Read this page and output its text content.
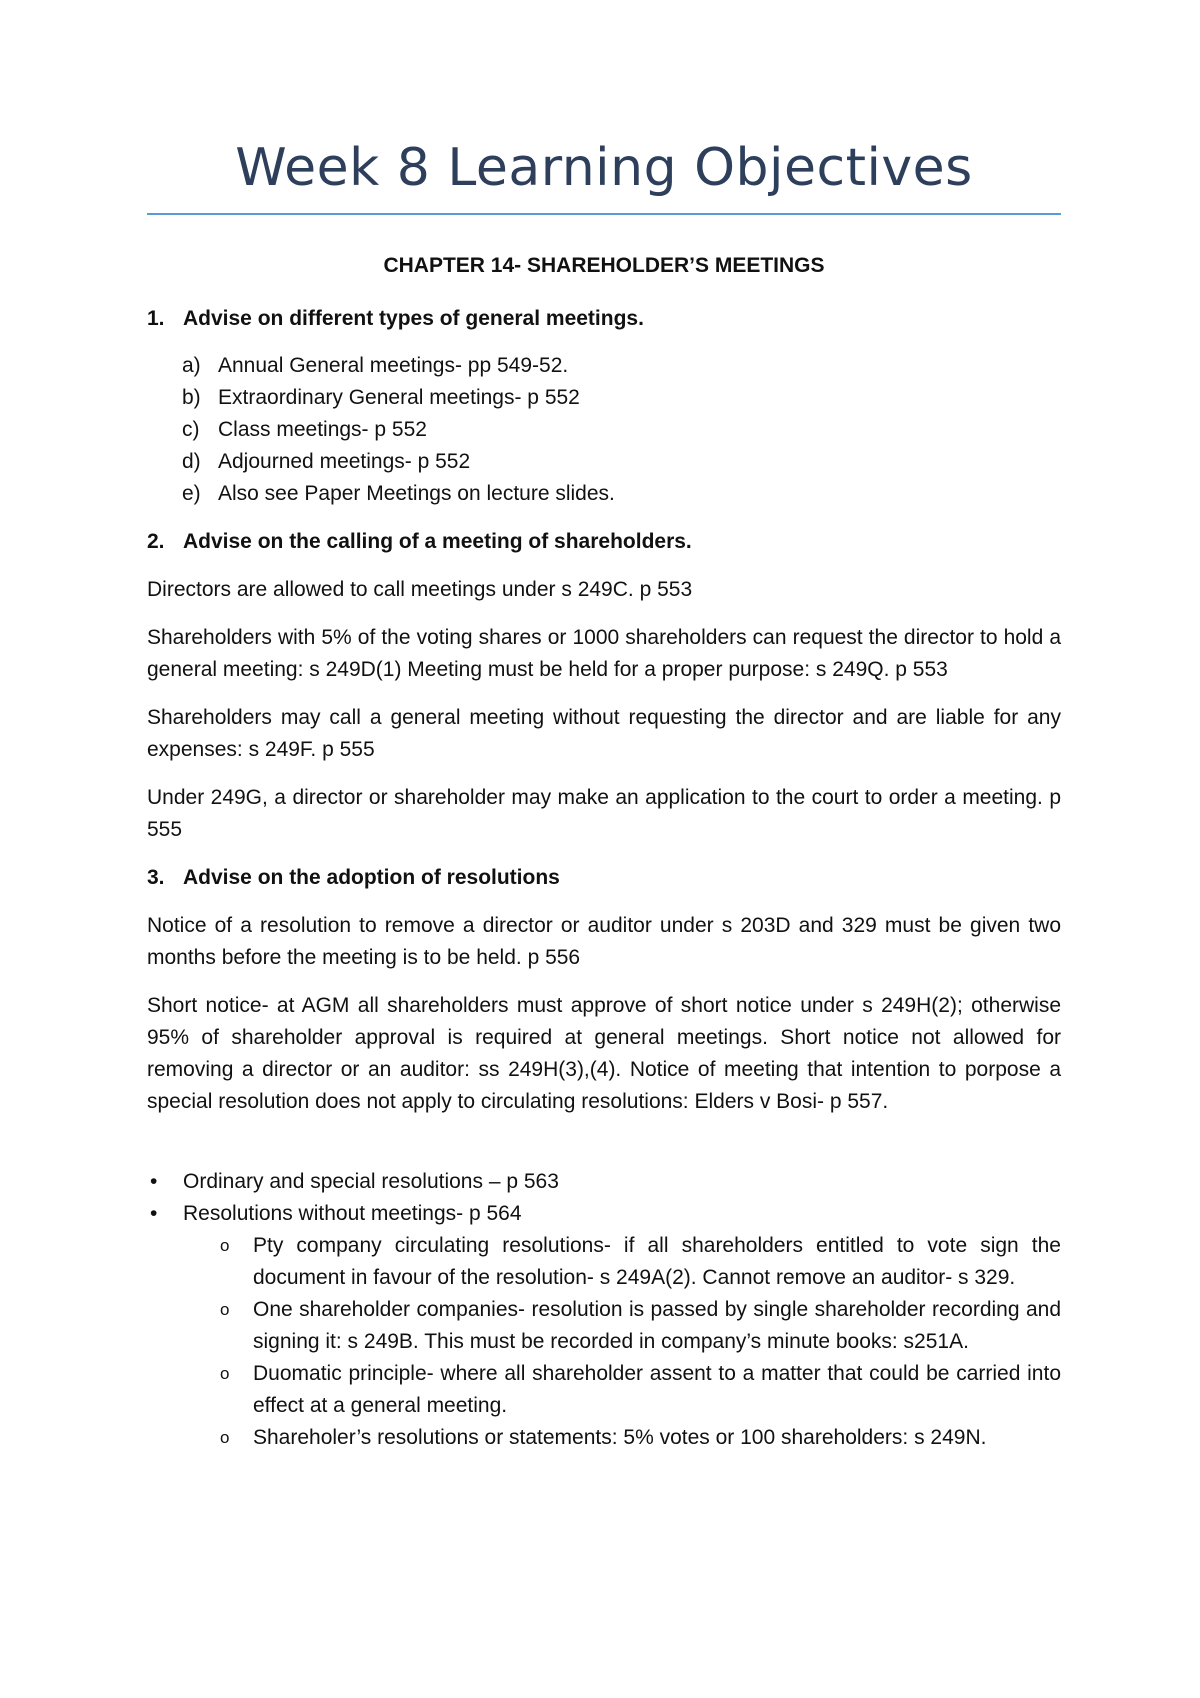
Week 8 Learning Objectives
CHAPTER 14- SHAREHOLDER’S MEETINGS
1. Advise on different types of general meetings.
a) Annual General meetings- pp 549-52.
b) Extraordinary General meetings- p 552
c) Class meetings- p 552
d) Adjourned meetings- p 552
e) Also see Paper Meetings on lecture slides.
2. Advise on the calling of a meeting of shareholders.
Directors are allowed to call meetings under s 249C. p 553
Shareholders with 5% of the voting shares or 1000 shareholders can request the director to hold a general meeting: s 249D(1) Meeting must be held for a proper purpose: s 249Q. p 553
Shareholders may call a general meeting without requesting the director and are liable for any expenses: s 249F. p 555
Under 249G, a director or shareholder may make an application to the court to order a meeting. p 555
3. Advise on the adoption of resolutions
Notice of a resolution to remove a director or auditor under s 203D and 329 must be given two months before the meeting is to be held. p 556
Short notice- at AGM all shareholders must approve of short notice under s 249H(2); otherwise 95% of shareholder approval is required at general meetings. Short notice not allowed for removing a director or an auditor: ss 249H(3),(4). Notice of meeting that intention to porpose a special resolution does not apply to circulating resolutions: Elders v Bosi- p 557.
•	Ordinary and special resolutions – p 563
•	Resolutions without meetings- p 564
o	Pty company circulating resolutions- if all shareholders entitled to vote sign the document in favour of the resolution- s 249A(2). Cannot remove an auditor- s 329.
o	One shareholder companies- resolution is passed by single shareholder recording and signing it: s 249B. This must be recorded in company’s minute books: s251A.
o	Duomatic principle- where all shareholder assent to a matter that could be carried into effect at a general meeting.
o	Shareholer’s resolutions or statements: 5% votes or 100 shareholders: s 249N.
